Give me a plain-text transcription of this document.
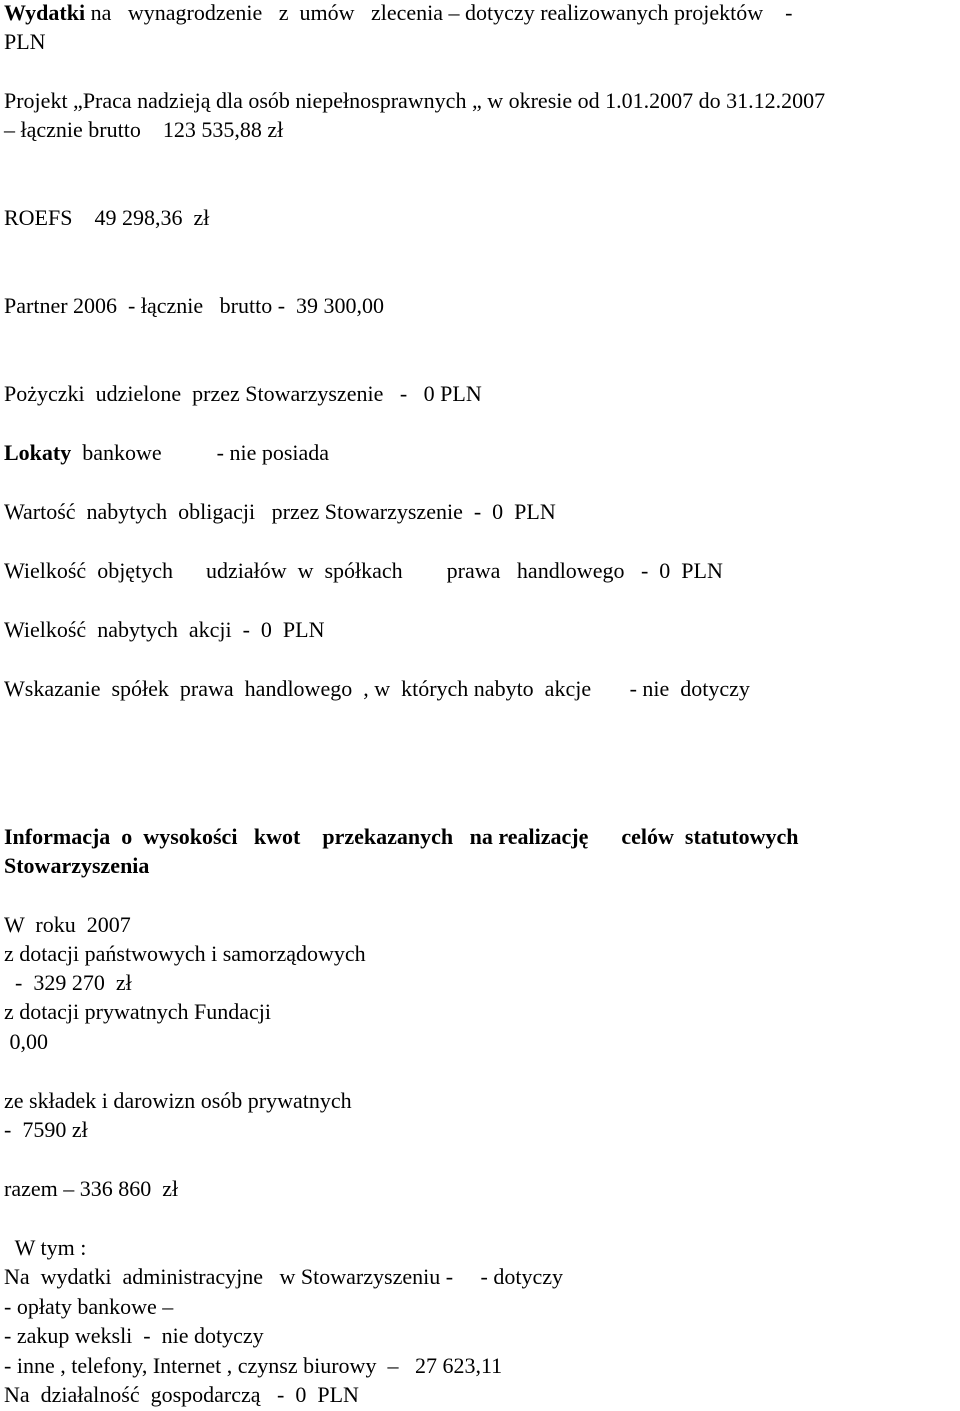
Wydatki na   wynagrodzenie   z  umów   zlecenia – dotyczy realizowanych projektów    -

PLN

Projekt „Praca nadzieją dla osób niepełnosprawnych „ w okresie od 1.01.2007 do 31.12.2007

– łącznie brutto    123 535,88 zł

ROEFS    49 298,36  zł

Partner 2006  - łącznie   brutto -  39 300,00

Pożyczki  udzielone  przez Stowarzyszenie   -   0 PLN

Lokaty  bankowe          - nie posiada

Wartość  nabytych  obligacji   przez Stowarzyszenie  -  0  PLN

Wielkość  objętych      udziałów  w  spółkach        prawa   handlowego   -  0  PLN

Wielkość  nabytych  akcji  -  0  PLN

Wskazanie  spółek  prawa  handlowego  , w  których nabyto  akcje       - nie  dotyczy

Informacja  o  wysokości   kwot    przekazanych   na realizację      celów  statutowych

Stowarzyszenia

W  roku  2007

z dotacji państwowych i samorządowych

-  329 270  zł

z dotacji prywatnych Fundacji

0,00

ze składek i darowizn osób prywatnych

-  7590 zł

razem – 336 860  zł

W tym :

Na  wydatki  administracyjne   w Stowarzyszeniu -     - dotyczy

- opłaty bankowe –

- zakup weksli  -  nie dotyczy

- inne , telefony, Internet , czynsz biurowy  –   27 623,11

Na  działalność  gospodarczą   -  0  PLN
